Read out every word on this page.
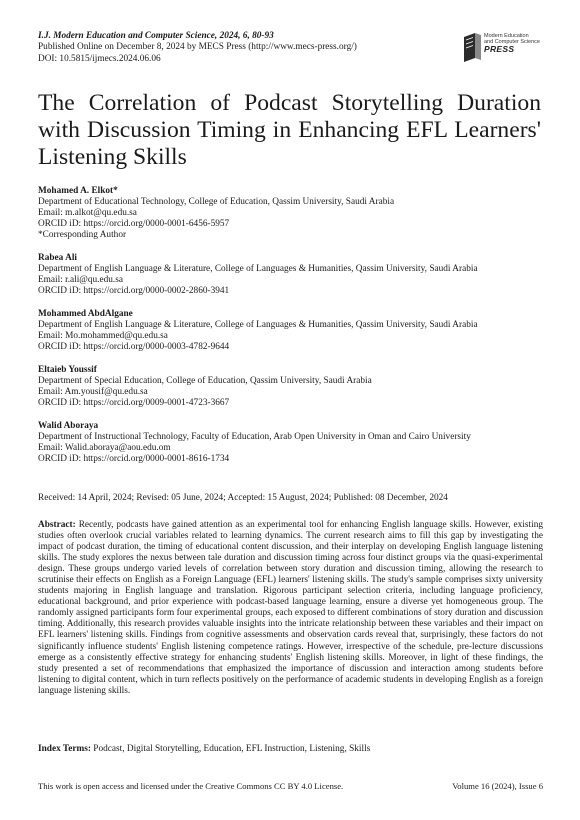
I.J. Modern Education and Computer Science, 2024, 6, 80-93
Published Online on December 8, 2024 by MECS Press (http://www.mecs-press.org/)
DOI: 10.5815/ijmecs.2024.06.06
Modern Education
and Computer Science
PRESS
The Correlation of Podcast Storytelling Duration with Discussion Timing in Enhancing EFL Learners' Listening Skills
Mohamed A. Elkot*
Department of Educational Technology, College of Education, Qassim University, Saudi Arabia
Email: m.alkot@qu.edu.sa
ORCID iD: https://orcid.org/0000-0001-6456-5957
*Corresponding Author
Rabea Ali
Department of English Language & Literature, College of Languages & Humanities, Qassim University, Saudi Arabia
Email: r.ali@qu.edu.sa
ORCID iD: https://orcid.org/0000-0002-2860-3941
Mohammed AbdAlgane
Department of English Language & Literature, College of Languages & Humanities, Qassim University, Saudi Arabia
Email: Mo.mohammed@qu.edu.sa
ORCID iD: https://orcid.org/0000-0003-4782-9644
Eltaieb Youssif
Department of Special Education, College of Education, Qassim University, Saudi Arabia
Email: Am.yousif@qu.edu.sa
ORCID iD: https://orcid.org/0009-0001-4723-3667
Walid Aboraya
Department of Instructional Technology, Faculty of Education, Arab Open University in Oman and Cairo University
Email: Walid.aboraya@aou.edu.om
ORCID iD: https://orcid.org/0000-0001-8616-1734
Received: 14 April, 2024; Revised: 05 June, 2024; Accepted: 15 August, 2024; Published: 08 December, 2024
Abstract: Recently, podcasts have gained attention as an experimental tool for enhancing English language skills. However, existing studies often overlook crucial variables related to learning dynamics. The current research aims to fill this gap by investigating the impact of podcast duration, the timing of educational content discussion, and their interplay on developing English language listening skills. The study explores the nexus between tale duration and discussion timing across four distinct groups via the quasi-experimental design. These groups undergo varied levels of correlation between story duration and discussion timing, allowing the research to scrutinise their effects on English as a Foreign Language (EFL) learners' listening skills. The study's sample comprises sixty university students majoring in English language and translation. Rigorous participant selection criteria, including language proficiency, educational background, and prior experience with podcast-based language learning, ensure a diverse yet homogeneous group. The randomly assigned participants form four experimental groups, each exposed to different combinations of story duration and discussion timing. Additionally, this research provides valuable insights into the intricate relationship between these variables and their impact on EFL learners' listening skills. Findings from cognitive assessments and observation cards reveal that, surprisingly, these factors do not significantly influence students' English listening competence ratings. However, irrespective of the schedule, pre-lecture discussions emerge as a consistently effective strategy for enhancing students' English listening skills. Moreover, in light of these findings, the study presented a set of recommendations that emphasized the importance of discussion and interaction among students before listening to digital content, which in turn reflects positively on the performance of academic students in developing English as a foreign language listening skills.
Index Terms: Podcast, Digital Storytelling, Education, EFL Instruction, Listening, Skills
This work is open access and licensed under the Creative Commons CC BY 4.0 License.	Volume 16 (2024), Issue 6
